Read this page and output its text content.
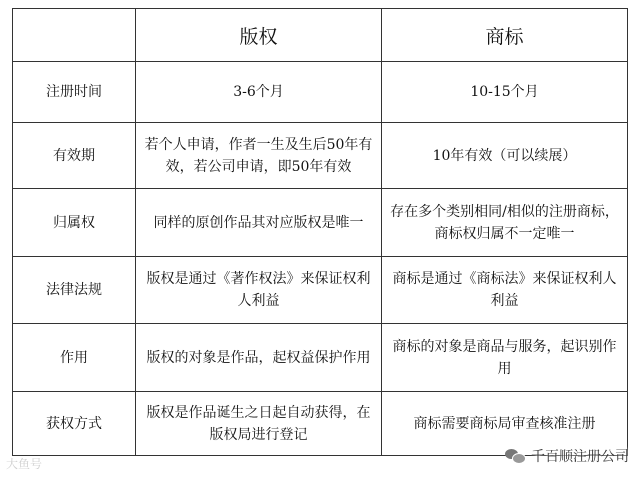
	版权	商标
注册时间	3-6个月	10-15个月
有效期	若个人申请，作者一生及生后50年有效，若公司申请，即50年有效	10年有效（可以续展）
归属权	同样的原创作品其对应版权是唯一	存在多个类别相同/相似的注册商标，商标权归属不一定唯一
法律法规	版权是通过《著作权法》来保证权利人利益	商标是通过《商标法》来保证权利人利益
作用	版权的对象是作品，起权益保护作用	商标的对象是商品与服务，起识别作用
获权方式	版权是作品诞生之日起自动获得，在版权局进行登记	商标需要商标局审查核准注册
大鱼号	千百顺注册公司
